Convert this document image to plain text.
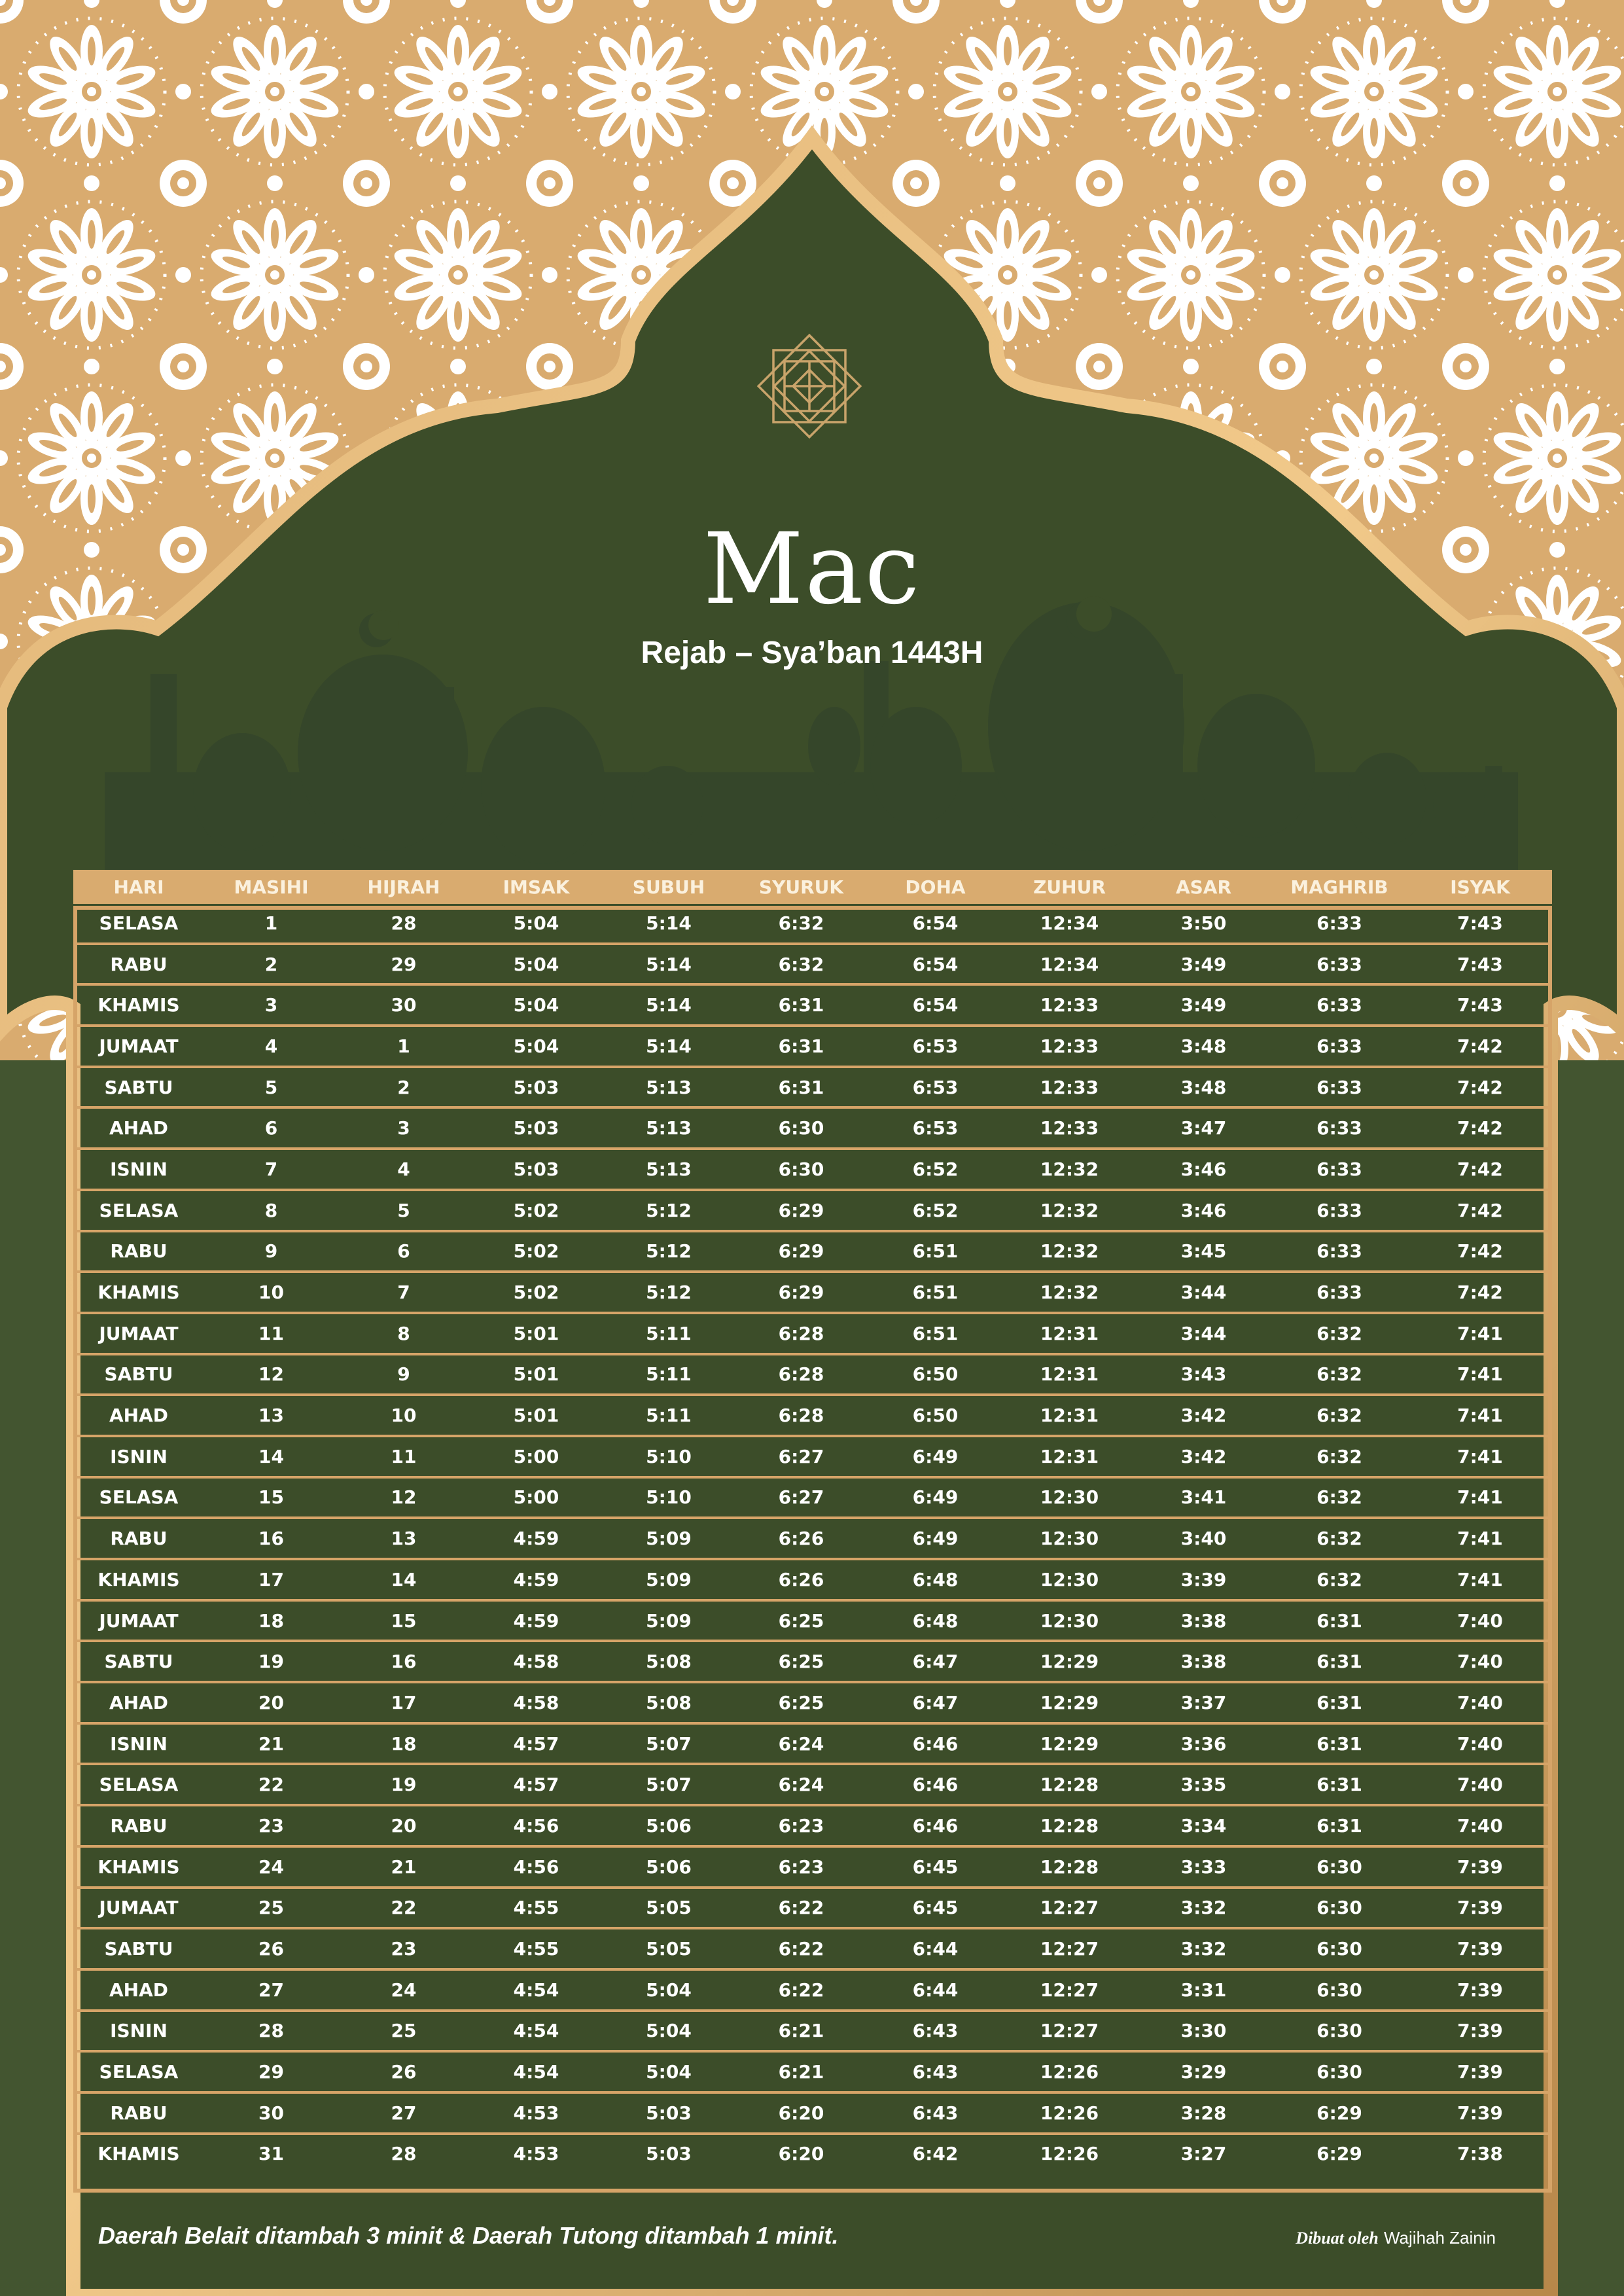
Mac
Rejab – Sya’ban 1443H
HARI	MASIHI	HIJRAH	IMSAK	SUBUH	SYURUK	DOHA	ZUHUR	ASAR	MAGHRIB	ISYAK
SELASA	1	28	5:04	5:14	6:32	6:54	12:34	3:50	6:33	7:43
RABU	2	29	5:04	5:14	6:32	6:54	12:34	3:49	6:33	7:43
KHAMIS	3	30	5:04	5:14	6:31	6:54	12:33	3:49	6:33	7:43
JUMAAT	4	1	5:04	5:14	6:31	6:53	12:33	3:48	6:33	7:42
SABTU	5	2	5:03	5:13	6:31	6:53	12:33	3:48	6:33	7:42
AHAD	6	3	5:03	5:13	6:30	6:53	12:33	3:47	6:33	7:42
ISNIN	7	4	5:03	5:13	6:30	6:52	12:32	3:46	6:33	7:42
SELASA	8	5	5:02	5:12	6:29	6:52	12:32	3:46	6:33	7:42
RABU	9	6	5:02	5:12	6:29	6:51	12:32	3:45	6:33	7:42
KHAMIS	10	7	5:02	5:12	6:29	6:51	12:32	3:44	6:33	7:42
JUMAAT	11	8	5:01	5:11	6:28	6:51	12:31	3:44	6:32	7:41
SABTU	12	9	5:01	5:11	6:28	6:50	12:31	3:43	6:32	7:41
AHAD	13	10	5:01	5:11	6:28	6:50	12:31	3:42	6:32	7:41
ISNIN	14	11	5:00	5:10	6:27	6:49	12:31	3:42	6:32	7:41
SELASA	15	12	5:00	5:10	6:27	6:49	12:30	3:41	6:32	7:41
RABU	16	13	4:59	5:09	6:26	6:49	12:30	3:40	6:32	7:41
KHAMIS	17	14	4:59	5:09	6:26	6:48	12:30	3:39	6:32	7:41
JUMAAT	18	15	4:59	5:09	6:25	6:48	12:30	3:38	6:31	7:40
SABTU	19	16	4:58	5:08	6:25	6:47	12:29	3:38	6:31	7:40
AHAD	20	17	4:58	5:08	6:25	6:47	12:29	3:37	6:31	7:40
ISNIN	21	18	4:57	5:07	6:24	6:46	12:29	3:36	6:31	7:40
SELASA	22	19	4:57	5:07	6:24	6:46	12:28	3:35	6:31	7:40
RABU	23	20	4:56	5:06	6:23	6:46	12:28	3:34	6:31	7:40
KHAMIS	24	21	4:56	5:06	6:23	6:45	12:28	3:33	6:30	7:39
JUMAAT	25	22	4:55	5:05	6:22	6:45	12:27	3:32	6:30	7:39
SABTU	26	23	4:55	5:05	6:22	6:44	12:27	3:32	6:30	7:39
AHAD	27	24	4:54	5:04	6:22	6:44	12:27	3:31	6:30	7:39
ISNIN	28	25	4:54	5:04	6:21	6:43	12:27	3:30	6:30	7:39
SELASA	29	26	4:54	5:04	6:21	6:43	12:26	3:29	6:30	7:39
RABU	30	27	4:53	5:03	6:20	6:43	12:26	3:28	6:29	7:39
KHAMIS	31	28	4:53	5:03	6:20	6:42	12:26	3:27	6:29	7:38
Daerah Belait ditambah 3 minit & Daerah Tutong ditambah 1 minit.	Dibuat oleh Wajihah Zainin
